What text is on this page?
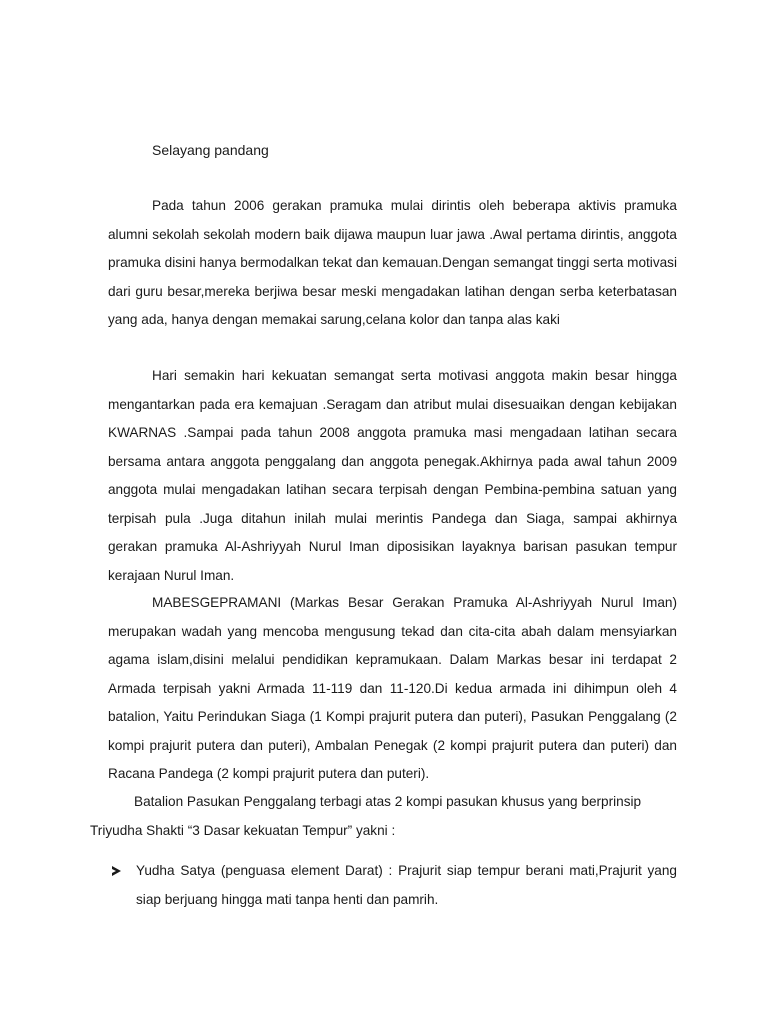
Selayang pandang

Pada tahun 2006 gerakan pramuka mulai dirintis oleh beberapa aktivis pramuka alumni sekolah sekolah modern baik dijawa maupun luar jawa .Awal pertama dirintis, anggota pramuka disini hanya bermodalkan tekat dan kemauan.Dengan semangat tinggi serta motivasi dari guru besar,mereka berjiwa besar meski mengadakan latihan dengan serba keterbatasan yang ada, hanya dengan memakai sarung,celana kolor dan tanpa alas kaki

Hari semakin hari kekuatan semangat serta motivasi anggota makin besar hingga mengantarkan pada era kemajuan .Seragam dan atribut mulai disesuaikan dengan kebijakan KWARNAS .Sampai pada tahun 2008 anggota pramuka masi mengadaan latihan secara bersama antara anggota penggalang dan anggota penegak.Akhirnya pada awal tahun 2009 anggota mulai mengadakan latihan secara terpisah dengan Pembina-pembina satuan yang terpisah pula .Juga ditahun inilah mulai merintis Pandega dan Siaga, sampai akhirnya gerakan pramuka Al-Ashriyyah Nurul Iman diposisikan layaknya barisan pasukan tempur kerajaan Nurul Iman.

MABESGEPRAMANI (Markas Besar Gerakan Pramuka Al-Ashriyyah Nurul Iman) merupakan wadah yang mencoba mengusung tekad dan cita-cita abah dalam mensyiarkan agama islam,disini melalui pendidikan kepramukaan. Dalam Markas besar ini terdapat 2 Armada terpisah yakni Armada 11-119 dan 11-120.Di kedua armada ini dihimpun oleh 4 batalion, Yaitu Perindukan Siaga (1 Kompi prajurit putera dan puteri), Pasukan Penggalang (2 kompi prajurit putera dan puteri), Ambalan Penegak (2 kompi prajurit putera dan puteri) dan Racana Pandega (2 kompi prajurit putera dan puteri).

Batalion Pasukan Penggalang terbagi atas 2 kompi pasukan khusus yang berprinsip Triyudha Shakti “3 Dasar kekuatan Tempur” yakni :

Yudha Satya (penguasa element Darat) : Prajurit siap tempur berani mati,Prajurit yang siap berjuang hingga mati tanpa henti dan pamrih.
